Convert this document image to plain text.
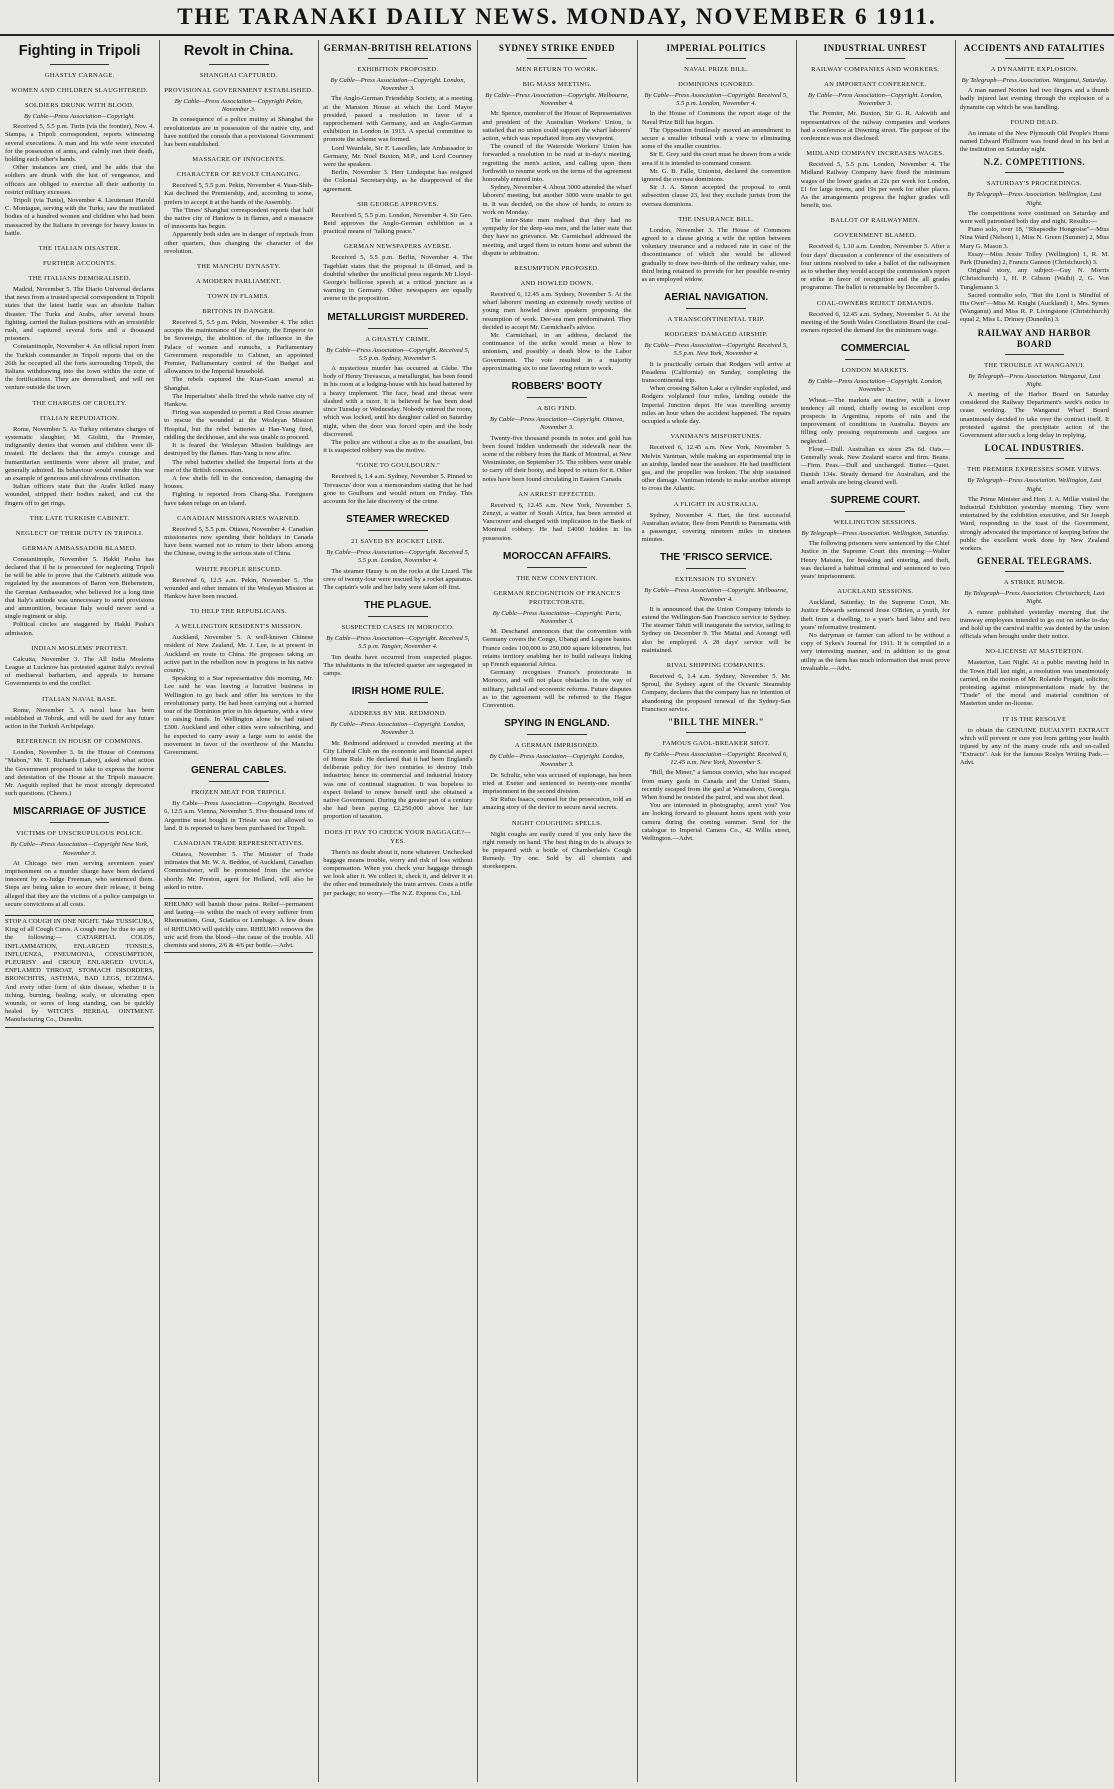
THE TARANAKI DAILY NEWS. MONDAY, NOVEMBER 6 1911.
Fighting in Tripoli
GHASTLY CARNAGE.
WOMEN AND CHILDREN SLAUGHTERED.
SOLDIERS DRUNK WITH BLOOD.
By Cable—Press Association—Copyright.
Received 5, 5.5 p.m. Turin (via the frontier), Nov. 4. Stampa, a Tripoli correspondent, reports witnessing several executions. A man and his wife were executed for the possession of arms, and calmly met their death, holding each other's hands.
Other instances are cited, and he adds that the soldiers are drunk with the lust of vengeance, and officers are obliged to exercise all their authority to restrict military excesses.
Tripoli (via Tunis), November 4. Lieutenant Harold C. Montague, serving with the Turks, saw the mutilated bodies of a hundred women and children who had been massacred by the Italians in revenge for heavy losses in battle.
THE ITALIAN DISASTER.
FURTHER ACCOUNTS.
THE ITALIANS DEMORALISED.
Madrid, November 5. The Diario Universal declares that news from a trusted special correspondent in Tripoli states that the latest battle was an absolute Italian disaster. The Turks and Arabs, after several hours fighting, carried the Italian positions with an irresistible rush, and captured several forts and a thousand prisoners.
Constantinople, November 4. An official report from the Turkish commander in Tripoli reports that on the 26th he occupied all the forts surrounding Tripoli, the Italians withdrawing into the town within the zone of the fortifications. They are demoralised, and will not venture outside the town.
THE CHARGES OF CRUELTY.
ITALIAN REPUDIATION.
Rome, November 5. As Turkey reiterates charges of systematic slaughter, M. Giolitti, the Premier, indignantly denies that women and children were ill-treated. He declares that the army's courage and humanitarian sentiments were above all praise, and generally admired. Its behaviour would render this war an example of generous and chivalrous civilisation.
Italian officers state that the Arabs killed many wounded, stripped their bodies naked, and cut the fingers off to get rings.
THE LATE TURKISH CABINET.
NEGLECT OF THEIR DUTY IN TRIPOLI.
GERMAN AMBASSADOR BLAMED.
Constantinople, November 5. Hakki Pasha has declared that if he is prosecuted for neglecting Tripoli he will be able to prove that the Cabinet's attitude was regulated by the assurances of Baron von Biebenstein, the German Ambassador, who believed for a long time that Italy's attitude was unnecessary to send provisions and ammunition, because Italy would never send a single regiment or ship.
Political circles are staggered by Hakki Pasha's admission.
INDIAN MOSLEMS' PROTEST.
Calcutta, November 3. The All India Moslems League at Lucknow has protested against Italy's revival of mediaeval barbarism, and appeals to humane Governments to end the conflict.
ITALIAN NAVAL BASE.
Rome, November 3. A naval base has been established at Tobruk, and will be used for any future action in the Turkish Archipelago.
REFERENCE IN HOUSE OF COMMONS.
London, November 3. In the House of Commons "Mabon," Mr. T. Richards (Labor), asked what action the Government proposed to take to express the horror and detestation of the House at the Tripoli massacre. Mr. Asquith replied that he most strongly deprecated such questions. (Cheers.)
MISCARRIAGE OF JUSTICE
VICTIMS OF UNSCRUPULOUS POLICE.
By Cable—Press Association—Copyright New York, November 3.
At Chicago two men serving seventeen years' imprisonment on a murder charge have been declared innocent by ex-Judge Freeman, who sentenced them. Steps are being taken to secure their release, it being alleged that they are the victims of a police campaign to secure convictions at all costs.
STOP A COUGH IN ONE NIGHT. Take TUSSICURA, King of all Cough Cures. A cough may be due to any of the following:— CATARRHAL COLDS, INFLAMMATION, ENLARGED TONSILS, INFLUENZA, PNEUMONIA, CONSUMPTION, PLEURISY and CROUP, ENLARGED UVULA, ENFLAMED THROAT, STOMACH DISORDERS, BRONCHITIS, ASTHMA, BAD LEGS, ECZEMA. And every other form of skin disease, whether it is itching, burning, healing, scaly, or ulcerating open wounds, or sores of long standing, can be quickly healed by WITCH'S HERBAL OINTMENT. Manufacturing Co., Dunedin.
Revolt in China.
SHANGHAI CAPTURED.
PROVISIONAL GOVERNMENT ESTABLISHED.
By Cable—Press Association—Copyright Pekin, November 3.
In consequence of a police mutiny at Shanghai the revolutionists are in possession of the native city, and have notified the consuls that a provisional Government has been established.
MASSACRE OF INNOCENTS.
CHARACTER OF REVOLT CHANGING.
Received 5, 5.5 p.m. Pekin, November 4. Yuan-Shih-Kai declined the Premiership, and, according to some, prefers to accept it at the hands of the Assembly.
The Times' Shanghai correspondent reports that half the native city of Hankow is in flames, and a massacre of innocents has begun.
Apparently both sides are in danger of reprisals from other quarters, thus changing the character of the revolution.
THE MANCHU DYNASTY.
A MODERN PARLIAMENT.
TOWN IN FLAMES.
BRITONS IN DANGER.
Received 5, 5.5 p.m. Pekin, November 4. The edict accepts the maintenance of the dynasty, the Emperor to be Sovereign, the abolition of the influence in the Palace of women and eunuchs, a Parliamentary Government responsible to Cabinet, an appointed Premier, Parliamentary control of the Budget and allowances to the Imperial household.
The rebels captured the Kian-Guan arsenal at Shanghai.
The Imperialists' shells fired the whole native city of Hankow.
Firing was suspended to permit a Red Cross steamer to rescue the wounded at the Wesleyan Mission Hospital, but the rebel batteries at Han-Yang fired, riddling the deckhouse, and she was unable to proceed.
It is feared the Wesleyan Mission buildings are destroyed by the flames. Han-Yang is now afire.
The rebel batteries shelled the Imperial forts at the rear of the British concession.
A few shells fell in the concession, damaging the houses.
Fighting is reported from Chang-Sha. Foreigners have taken refuge on an island.
CANADIAN MISSIONARIES WARNED.
Received 5, 5.5 p.m. Ottawa, November 4. Canadian missionaries now spending their holidays in Canada have been warned not to return to their labors among the Chinese, owing to the serious state of China.
WHITE PEOPLE RESCUED.
Received 6, 12.5 a.m. Pekin, November 5. The wounded and other inmates of the Wesleyan Mission at Hankow have been rescued.
TO HELP THE REPUBLICANS.
A WELLINGTON RESIDENT'S MISSION.
Auckland, November 5. A well-known Chinese resident of New Zealand, Mr. J. Lee, is at present in Auckland en route to China. He proposes taking an active part in the rebellion now in progress in his native country.
Speaking to a Star representative this morning, Mr. Lee said he was leaving a lucrative business in Wellington to go back and offer his services to the revolutionary party. He had been carrying out a hurried tour of the Dominion prior to his departure, with a view to raising funds. In Wellington alone he had raised £300. Auckland and other cities were subscribing, and he expected to carry away a large sum to assist the movement in favor of the overthrow of the Manchu Government.
GENERAL CABLES.
FROZEN MEAT FOR TRIPOLI.
By Cable—Press Association—Copyright. Received 6, 12.5 a.m. Vienna, November 5. Five thousand tons of Argentine meat bought in Trieste was not allowed to land. It is reported to have been purchased for Tripoli.
CANADIAN TRADE REPRESENTATIVES.
Ottawa, November 5. The Minister of Trade intimates that Mr. W. A. Beddoe, of Auckland, Canadian Commissioner, will be promoted from the service shortly. Mr. Preston, agent for Holland, will also be asked to retire.
RHEUMO will banish those pains. Relief—permanent and lasting—is within the reach of every sufferer from Rheumatism, Gout, Sciatica or Lumbago. A few doses of RHEUMO will quickly cure. RHEUMO removes the uric acid from the blood—the cause of the trouble. All chemists and stores, 2/6 & 4/6 per bottle.—Advt.
GERMAN-BRITISH RELATIONS
EXHIBITION PROPOSED.
By Cable—Press Association—Copyright. London, November 3.
The Anglo-German Friendship Society, at a meeting at the Mansion House at which the Lord Mayor presided, passed a resolution in favor of a rapprochement with Germany, and an Anglo-German exhibition in London in 1913. A special committee to promote the scheme was formed.
Lord Weardale, Sir F. Lascelles, late Ambassador to Germany, Mr. Noel Buxton, M.P., and Lord Courtney were the speakers.
Berlin, November 3. Herr Lindequist has resigned the Colonial Secretaryship, as he disapproved of the agreement.
SIR GEORGE APPROVES.
Received 5, 5.5 p.m. London, November 4. Sir Geo. Reid approves the Anglo-German exhibition as a practical means of "talking peace."
GERMAN NEWSPAPERS AVERSE.
Received 5, 5.5 p.m. Berlin, November 4. The Tageblatt states that the proposal is ill-timed, and is doubtful whether the unofficial press regards Mr Lloyd-George's bellicose speech at a critical juncture as a warning to Germany. Other newspapers are equally averse to the proposition.
METALLURGIST MURDERED.
A GHASTLY CRIME.
By Cable—Press Association—Copyright. Received 5, 5.5 p.m. Sydney, November 5.
A mysterious murder has occurred at Glebe. The body of Henry Trevascus, a metallurgist, has been found in his room at a lodging-house with his head battered by a heavy implement. The face, head and throat were slashed with a razor. It is believed he has been dead since Tuesday or Wednesday. Nobody entered the room, which was locked, until his daughter called on Saturday night, when the door was forced open and the body discovered.
The police are without a clue as to the assailant, but it is suspected robbery was the motive.
"GONE TO GOULBOURN."
Received 6, 1.4 a.m. Sydney, November 5. Pinned to Trevascus' door was a memorandum stating that he had gone to Goulburn and would return on Friday. This accounts for the late discovery of the crime.
STEAMER WRECKED
21 SAVED BY ROCKET LINE.
By Cable—Press Association—Copyright. Received 5, 5.5 p.m. London, November 4.
The steamer Hausy is on the rocks at the Lizard. The crew of twenty-four were rescued by a rocket apparatus. The captain's wife and her baby were taken off first.
THE PLAGUE.
SUSPECTED CASES IN MOROCCO.
By Cable—Press Association—Copyright. Received 5, 5.5 p.m. Tangier, November 4.
Ten deaths have occurred from suspected plague. The inhabitants in the infected quarter are segregated in camps.
IRISH HOME RULE.
ADDRESS BY MR. REDMOND.
By Cable—Press Association—Copyright. London, November 3.
Mr. Redmond addressed a crowded meeting at the City Liberal Club on the economic and financial aspect of Home Rule. He declared that it had been England's deliberate policy for two centuries to destroy Irish industries; hence its commercial and industrial history was one of continual stagnation. It was hopeless to expect Ireland to renew herself until she obtained a native Government. During the greater part of a century she had been paying £2,250,000 above her fair proportion of taxation.
DOES IT PAY TO CHECK YOUR BAGGAGE?—YES.
There's no doubt about it, none whatever. Unchecked baggage means trouble, worry and risk of loss without compensation. When you check your baggage through we look after it. We collect it, check it, and deliver it at the other end immediately the train arrives. Costs a trifle per package; no worry.—The N.Z. Express Co., Ltd.
SYDNEY STRIKE ENDED
MEN RETURN TO WORK.
BIG MASS MEETING.
By Cable—Press Association—Copyright. Melbourne, November 4.
Mr. Spence, member of the House of Representatives and president of the Australian Workers' Union, is satisfied that no union could support the wharf laborers' action, which was repudiated from any viewpoint.
The council of the Waterside Workers' Union has forwarded a resolution to be read at to-day's meeting, regretting the men's action, and calling upon them forthwith to resume work on the terms of the agreement honorably entered into.
Sydney, November 4. About 3000 attended the wharf laborers' meeting, but another 3000 were unable to get in. It was decided, on the show of hands, to return to work on Monday.
The inter-State men realised that they had no sympathy for the deep-sea men, and the latter state that they have no grievance. Mr. Carmichael addressed the meeting, and urged them to return home and submit the dispute to arbitration.
RESUMPTION PROPOSED.
AND HOWLED DOWN.
Received 6, 12.45 a.m. Sydney, November 5. At the wharf laborers' meeting an extremely rowdy section of young men howled down speakers proposing the resumption of work. Dee-sea men predominated. They decided to accept Mr. Carmichael's advice.
Mr. Carmichael, in an address, declared the continuance of the strike would mean a blow to unionism, and possibly a death blow to the Labor Government. The vote resulted in a majority approximating six to one favoring return to work.
ROBBERS' BOOTY
A BIG FIND.
By Cable—Press Association—Copyright. Ottawa, November 3.
Twenty-five thousand pounds in notes and gold has been found hidden underneath the sidewalk near the scene of the robbery from the Bank of Montreal, at New Westminster, on September 15. The robbers were unable to carry off their booty, and hoped to return for it. Other notes have been found circulating in Eastern Canada.
AN ARREST EFFECTED.
Received 6, 12.45 a.m. New York, November 5. Zenzyt, a waiter of South Africa, has been arrested at Vancouver and charged with implication in the Bank of Montreal robbery. He had £4000 hidden in his possession.
MOROCCAN AFFAIRS.
THE NEW CONVENTION.
GERMAN RECOGNITION OF FRANCE'S PROTECTORATE.
By Cable—Press Association—Copyright. Paris, November 3.
M. Deschanel announces that the convention with Germany covers the Congo, Ubangi and Logone basins. France cedes 100,000 to 250,000 square kilometres, but retains territory enabling her to build railways linking up French equatorial Africa.
Germany recognises France's protectorate in Morocco, and will not place obstacles in the way of military, judicial and economic reforms. Future disputes as to the agreement will be referred to the Hague Convention.
SPYING IN ENGLAND.
A GERMAN IMPRISONED.
By Cable—Press Association—Copyright. London, November 3.
Dr. Schultz, who was accused of espionage, has been tried at Exeter and sentenced to twenty-one months' imprisonment in the second division.
Sir Rufus Isaacs, counsel for the prosecution, told an amazing story of the device to secure naval secrets.
NIGHT COUGHING SPELLS.
Night coughs are easily cured if you only have the right remedy on hand. The best thing to do is always to be prepared with a bottle of Chamberlain's Cough Remedy. Try one. Sold by all chemists and storekeepers.
IMPERIAL POLITICS
NAVAL PRIZE BILL.
DOMINIONS IGNORED.
By Cable—Press Association—Copyright. Received 5, 5.5 p.m. London, November 4.
In the House of Commons the report stage of the Naval Prize Bill has begun.
The Opposition fruitlessly moved an amendment to secure a smaller tribunal with a view to eliminating some of the smaller countries.
Sir E. Grey said the court must be drawn from a wide area if it is intended to command consent.
Mr. G. B. Falle, Unionist, declared the convention ignored the oversea dominions.
Sir J. A. Simon accepted the proposal to omit subsection clause 23, lest they exclude jurists from the oversea dominions.
THE INSURANCE BILL.
London, November 3. The House of Commons agreed to a clause giving a wife the option between voluntary insurance and a reduced rate in case of the discontinuance of which she would be allowed gradually to draw two-thirds of the ordinary value, one-third being retained to provide for her possible re-entry as an employed widow.
AERIAL NAVIGATION.
A TRANSCONTINENTAL TRIP.
RODGERS' DAMAGED AIRSHIP.
By Cable—Press Association—Copyright. Received 5, 5.5 p.m. New York, November 4.
It is practically certain that Rodgers will arrive at Pasadena (California) on Sunday, completing the transcontinental trip.
When crossing Salton Lake a cylinder exploded, and Rodgers volplaned four miles, landing outside the Imperial Junction depot. He was travelling seventy miles an hour when the accident happened. The repairs occupied a whole day.
VANIMAN'S MISFORTUNES.
Received 6, 12.45 a.m. New York, November 5. Melvin Vaniman, while making an experimental trip in an airship, landed near the seashore. He had insufficient gas, and the propeller was broken. The ship sustained other damage. Vaniman intends to make another attempt to cross the Atlantic.
A FLIGHT IN AUSTRALIA.
Sydney, November 4. Hart, the first successful Australian aviator, flew from Penrith to Parramatta with a passenger, covering nineteen miles in nineteen minutes.
THE 'FRISCO SERVICE.
EXTENSION TO SYDNEY.
By Cable—Press Association—Copyright. Melbourne, November 4.
It is announced that the Union Company intends to extend the Wellington-San Francisco service to Sydney. The steamer Tahiti will inaugurate the service, sailing to Sydney on December 9. The Maitai and Aorangi will also be employed. A 28 days' service will be maintained.
RIVAL SHIPPING COMPANIES.
Received 6, 1.4 a.m. Sydney, November 5. Mr. Sproul, the Sydney agent of the Oceanic Steamship Company, declares that the company has no intention of abandoning the proposed renewal of the Sydney-San Francisco service.
"BILL THE MINER."
FAMOUS GAOL-BREAKER SHOT.
By Cable—Press Association—Copyright. Received 6, 12.45 a.m. New York, November 5.
"Bill, the Miner," a famous convict, who has escaped from many gaols in Canada and the United States, recently escaped from the gaol at Waineshoro, Georgia. When found he resisted the patrol, and was shot dead.
You are interested in photography, aren't you? You are looking forward to pleasant hours spent with your camera during the coming summer. Send for the catalogue to Imperial Camera Co., 42 Willis street, Wellington.—Advt.
INDUSTRIAL UNREST
RAILWAY COMPANIES AND WORKERS.
AN IMPORTANT CONFERENCE.
By Cable—Press Association—Copyright. London, November 3.
The Premier, Mr. Buxton, Sir G. R. Askwith and representatives of the railway companies and workers had a conference at Downing street. The purpose of the conference was not disclosed.
MIDLAND COMPANY INCREASES WAGES.
Received 5, 5.5 p.m. London, November 4. The Midland Railway Company have fixed the minimum wages of the lower grades at 22s per week for London, £1 for large towns, and 19s per week for other places. As the arrangements progress the higher grades will benefit, too.
BALLOT OF RAILWAYMEN.
GOVERNMENT BLAMED.
Received 6, 1.10 a.m. London, November 5. After a four days' discussion a conference of the executives of four unions resolved to take a ballot of the railwaymen as to whether they would accept the commission's report or strike in favor of recognition and the all grades programme. The ballot is returnable by December 5.
COAL-OWNERS REJECT DEMANDS.
Received 6, 12.45 a.m. Sydney, November 5. At the meeting of the South Wales Conciliation Board the coal-owners rejected the demand for the minimum wage.
COMMERCIAL
LONDON MARKETS.
By Cable—Press Association—Copyright. London, November 3.
Wheat.—The markets are inactive, with a lower tendency all round, chiefly owing to excellent crop prospects in Argentina, reports of rain and the improvement of conditions in Australia. Buyers are filling only pressing requirements and cargoes are neglected.
Flour.—Dull. Australian ex store 25s 6d. Oats.—Generally weak. New Zealand scarce and firm. Beans.—Firm. Peas.—Dull and unchanged. Butter.—Quiet. Danish 134s. Steady demand for Australian, and the small arrivals are being cleared well.
SUPREME COURT.
WELLINGTON SESSIONS.
By Telegraph—Press Association. Wellington, Saturday.
The following prisoners were sentenced by the Chief Justice in the Supreme Court this morning:—Walter Henry Maisten, for breaking and entering, and theft, was declared a habitual criminal and sentenced to two years' imprisonment.
AUCKLAND SESSIONS.
Auckland, Saturday. In the Supreme Court, Mr. Justice Edwards sentenced Jesse O'Brien, a youth, for theft from a dwelling, to a year's hard labor and two years' reformative treatment.
No dairyman or farmer can afford to be without a copy of Sykes's Journal for 1911. It is compiled in a very interesting manner, and in addition to its great utility as the farm has much information that must prove invaluable.—Advt.
ACCIDENTS AND FATALITIES
A DYNAMITE EXPLOSION.
By Telegraph—Press Association. Wanganui, Saturday.
A man named Norton had two fingers and a thumb badly injured last evening through the explosion of a dynamite cap which he was handling.
FOUND DEAD.
An inmate of the New Plymouth Old People's Home named Edward Phillmore was found dead in his bed at the institution on Saturday night.
N.Z. COMPETITIONS.
SATURDAY'S PROCEEDINGS.
By Telegraph—Press Association. Wellington, Last Night.
The competitions were continued on Saturday and were well patronised both day and night. Results:—
Piano solo, over 18, "Rhapsodie Hongroise"—Miss Nina Ward (Nelson) 1, Miss N. Green (Sumner) 2, Miss Mary G. Mason 3.
Essay—Miss Jessie Tolley (Wellington) 1, R. M. Park (Dunedin) 2, Francis Gannon (Christchurch) 3.
Original story, any subject—Guy N. Morris (Christchurch) 1, H. P. Gibson (Waihi) 2, G. Von Tunglemann 3.
Sacred contralto solo, "But the Lord is Mindful of His Own"—Miss M. Knight (Auckland) 1, Mrs. Symes (Wanganui) and Miss R. P. Livingstone (Christchurch) equal 2, Miss L. Drimey (Dunedin) 3.
RAILWAY AND HARBOR BOARD
THE TROUBLE AT WANGANUI.
By Telegraph—Press Association. Wanganui, Last Night.
A meeting of the Harbor Board on Saturday considered the Railway Department's week's notice to cease working. The Wanganui Wharf Board unanimously decided to take over the contract itself. It protested against the precipitate action of the Government after such a long delay in replying.
LOCAL INDUSTRIES.
THE PREMIER EXPRESSES SOME VIEWS.
By Telegraph—Press Association. Wellington, Last Night.
The Prime Minister and Hon. J. A. Millar visited the Industrial Exhibition yesterday morning. They were entertained by the exhibition executive, and Sir Joseph Ward, responding to the toast of the Government, strongly advocated the importance of keeping before the public the excellent work done by New Zealand workers.
GENERAL TELEGRAMS.
A STRIKE RUMOR.
By Telegraph—Press Association. Christchurch, Last Night.
A rumor published yesterday morning that the tramway employees intended to go out on strike to-day and hold up the carnival traffic was denied by the union officials when brought under their notice.
NO-LICENSE AT MASTERTON.
Masterton, Last Night. At a public meeting held in the Town Hall last night, a resolution was unanimously carried, on the motion of Mr. Rolando Frogatt, solicitor, protesting against misrepresentations made by the "Trade" of the moral and material condition of Masterton under no-license.
IT IS THE RESOLVE
to obtain the GENUINE EUCALYPTI EXTRACT which will prevent or cure you from getting your health injured by any of the many crude oils and so-called "Extracts". Ask for the famous Roslyn Writing Pads.—Advt.
